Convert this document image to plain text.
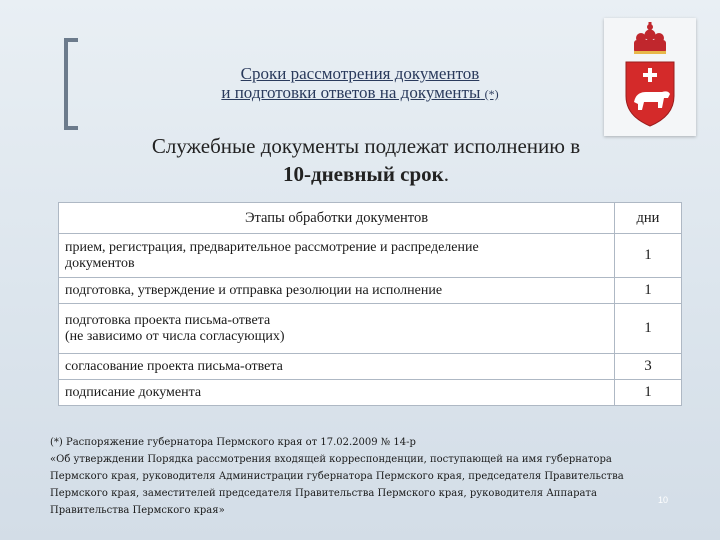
Сроки рассмотрения документов
и подготовки ответов на документы (*)
Служебные документы подлежат исполнению в
10-дневный срок.
Этапы обработки документов	дни

прием, регистрация, предварительное рассмотрение и распределение
документов	1

подготовка, утверждение и отправка резолюции на исполнение	1

подготовка проекта письма-ответа
(не зависимо от числа согласующих)	1

согласование проекта письма-ответа	3

подписание документа	1
(*) Распоряжение губернатора Пермского края от 17.02.2009 № 14-р
«Об утверждении Порядка рассмотрения входящей корреспонденции, поступающей на имя губернатора
Пермского края, руководителя Администрации губернатора Пермского края, председателя Правительства
Пермского края, заместителей председателя Правительства Пермского края, руководителя Аппарата
Правительства Пермского края»
10
